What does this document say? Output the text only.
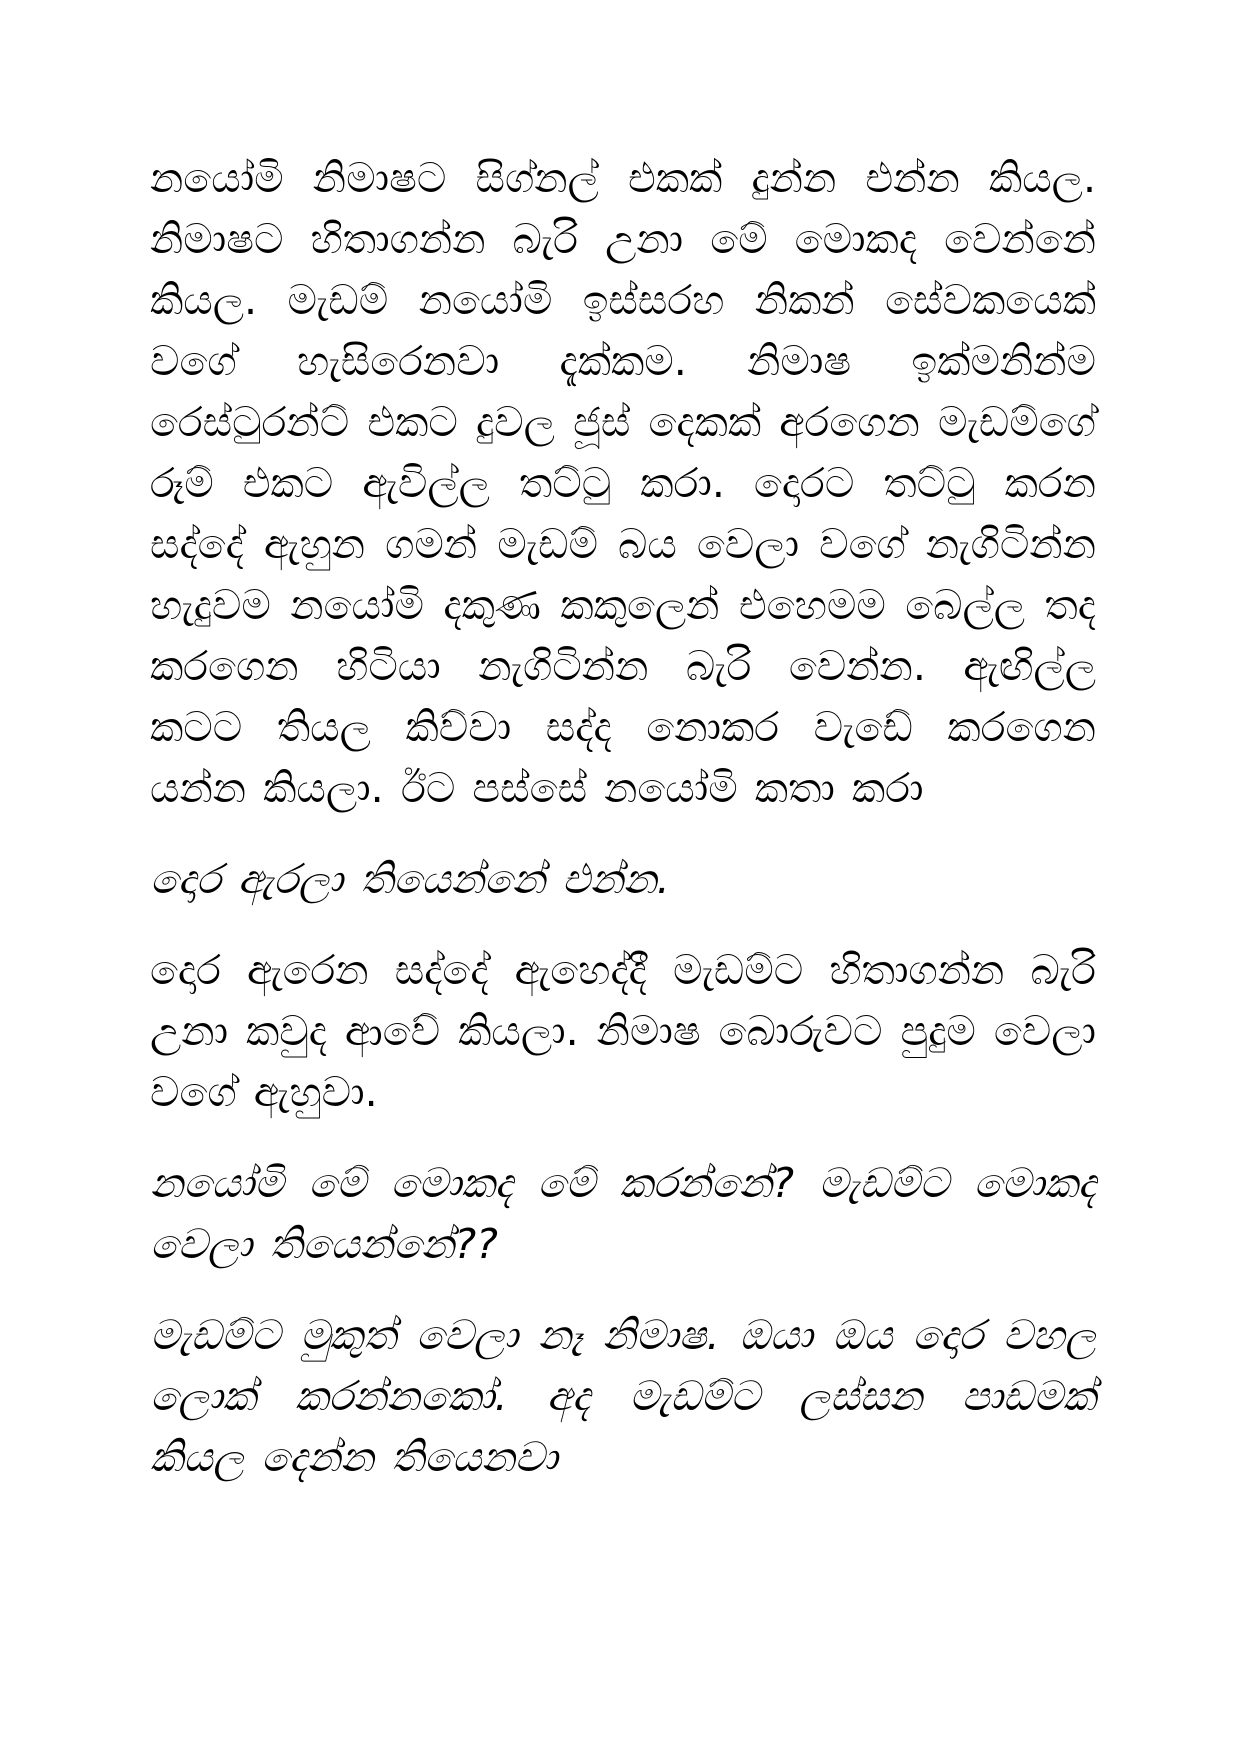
නයෝමි නිමාෂට සිග්නල් එකක් දුන්න එන්න කියල. නිමාෂට හිතාගන්න බැරි උනා මේ මොකද වෙන්නේ කියල. මැඩම් නයෝමි ඉස්සරහ නිකන් සේවකයෙක් වගේ හැසිරෙනවා දැක්කම. නිමාෂ ඉක්මනින්ම රෙස්ටුරන්ට් එකට දුවල ජූස් දෙකක් අරගෙන මැඩම්ගේ රූම් එකට ඇවිල්ල තට්ටු කරා. දොරට තට්ටු කරන සද්දේ ඇහුන ගමන් මැඩම් බය වෙලා වගේ නැගිටින්න හැදුවම නයෝමි දකුණ කකුලෙන් එහෙමම බෙල්ල තද කරගෙන හිටියා නැගිටින්න බැරි වෙන්න. ඇඟිල්ල කටට තියල කිව්වා සද්ද නොකර වැඩේ කරගෙන යන්න කියලා. ඊට පස්සේ නයෝමි කතා කරා

දොර ඇරලා තියෙන්නේ එන්න.

දොර ඇරෙන සද්දේ ඇහෙද්දී මැඩම්ට හිතාගන්න බැරි උනා කවුද ආවේ කියලා. නිමාෂ බොරුවට පුදුම වෙලා වගේ ඇහුවා.

නයෝමි මේ මොකද මේ කරන්නේ? මැඩම්ට මොකද වෙලා තියෙන්නේ??

මැඩම්ට මුකුත් වෙලා නෑ නිමාෂ. ඔයා ඔය දොර වහල ලොක් කරන්නකෝ. අද මැඩම්ට ලස්සන පාඩමක් කියල දෙන්න තියෙනවා
